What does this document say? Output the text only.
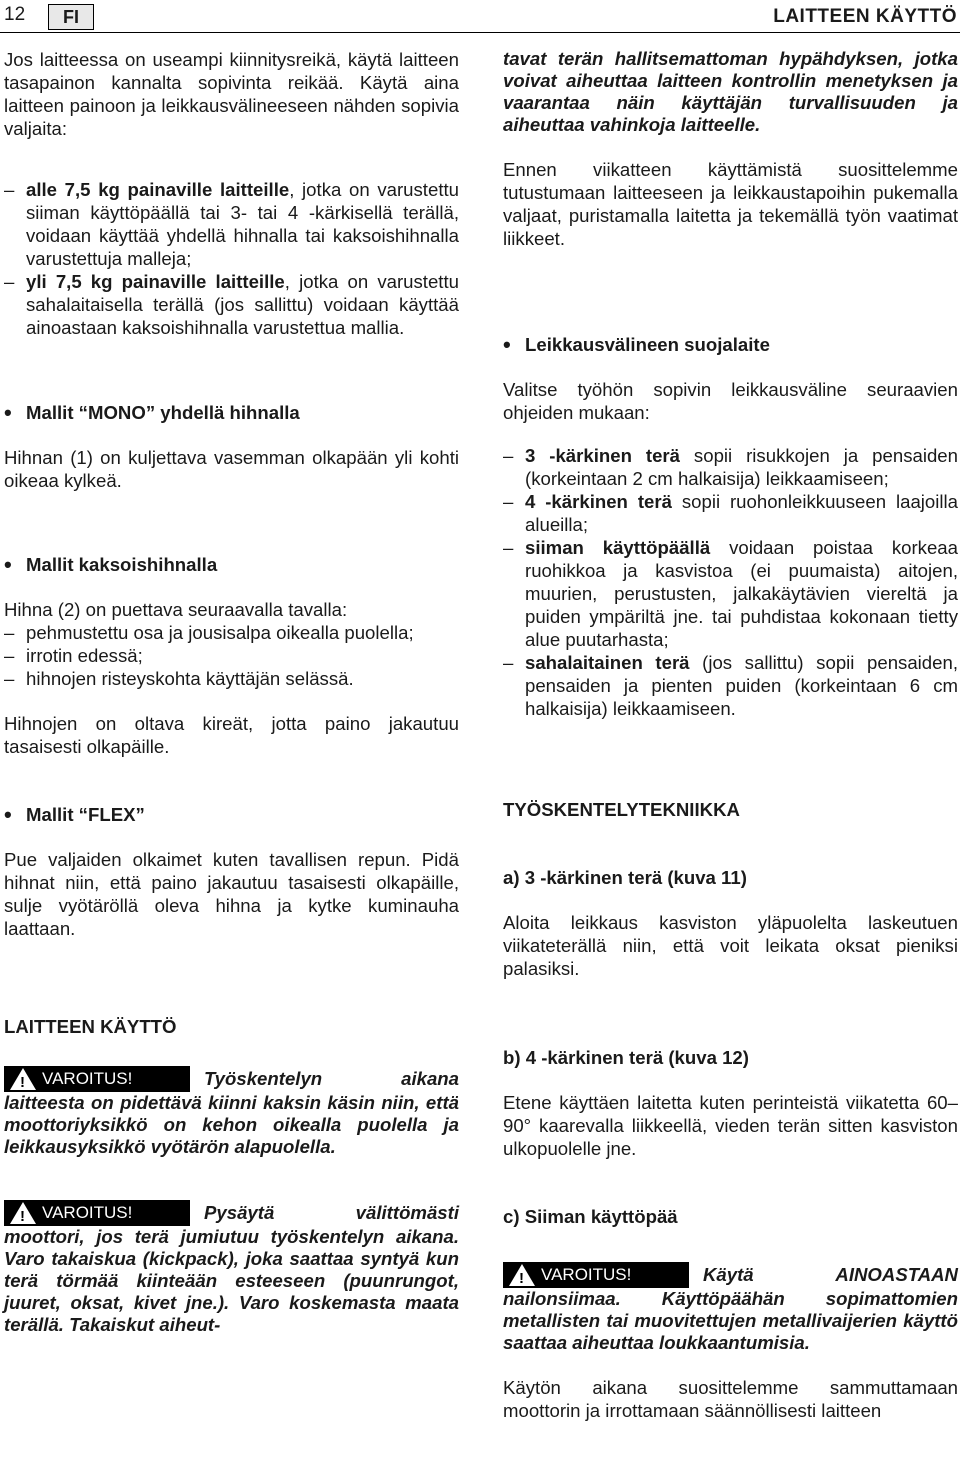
12	FI	LAITTEEN KÄYTTÖ

Jos laitteessa on useampi kiinnitysreikä, käytä laitteen tasapainon kannalta sopivinta reikää. Käytä aina laitteen painoon ja leikkausvälineeseen nähden sopivia valjaita:

– alle 7,5 kg painaville laitteille, jotka on varustettu siiman käyttöpäällä tai 3- tai 4 -kärkisellä terällä, voidaan käyttää yhdellä hihnalla tai kaksoishihnalla varustettuja malleja;
– yli 7,5 kg painaville laitteille, jotka on varustettu sahalaitaisella terällä (jos sallittu) voidaan käyttää ainoastaan kaksoishihnalla varustettua mallia.

• Mallit “MONO” yhdellä hihnalla

Hihnan (1) on kuljettava vasemman olkapään yli kohti oikeaa kylkeä.

• Mallit kaksoishihnalla

Hihna (2) on puettava seuraavalla tavalla:

– pehmustettu osa ja jousisalpa oikealla puolella;
– irrotin edessä;
– hihnojen risteyskohta käyttäjän selässä.

Hihnojen on oltava kireät, jotta paino jakautuu tasaisesti olkapäille.

• Mallit “FLEX”

Pue valjaiden olkaimet kuten tavallisen repun. Pidä hihnat niin, että paino jakautuu tasaisesti olkapäille, sulje vyötäröllä oleva hihna ja kytke kuminauha laattaan.

LAITTEEN KÄYTTÖ

! VAROITUS!	Työskentelyn aikana laitteesta on pidettävä kiinni kaksin käsin niin, että moottoriyksikkö on kehon oikealla puolella ja leikkausyksikkö vyötärön alapuolella.
! VAROITUS!	Pysäytä välittömästi moottori, jos terä jumiutuu työskentelyn aikana. Varo takaiskua (kickpack), joka saattaa syntyä kun terä törmää kiinteään esteeseen (puunrungot, juuret, oksat, kivet jne.). Varo koskemasta maata terällä. Takaiskut aiheut-

tavat terän hallitsemattoman hypähdyksen, jotka voivat aiheuttaa laitteen kontrollin menetyksen ja vaarantaa näin käyttäjän turvallisuuden ja aiheuttaa vahinkoja laitteelle.

Ennen viikatteen käyttämistä suosittelemme tutustumaan laitteeseen ja leikkaustapoihin pukemalla valjaat, puristamalla laitetta ja tekemällä työn vaatimat liikkeet.

• Leikkausvälineen suojalaite

Valitse työhön sopivin leikkausväline seuraavien ohjeiden mukaan:

– 3 -kärkinen terä sopii risukkojen ja pensaiden (korkeintaan 2 cm halkaisija) leikkaamiseen;
– 4 -kärkinen terä sopii ruohonleikkuuseen laajoilla alueilla;
– siiman käyttöpäällä voidaan poistaa korkeaa ruohikkoa ja kasvistoa (ei puumaista) aitojen, muurien, perustusten, jalkakäytävien viereltä ja puiden ympäriltä jne. tai puhdistaa kokonaan tietty alue puutarhasta;
– sahalaitainen terä (jos sallittu) sopii pensaiden, pensaiden ja pienten puiden (korkeintaan 6 cm halkaisija) leikkaamiseen.

TYÖSKENTELYTEKNIIKKA

a) 3 -kärkinen terä (kuva 11)

Aloita leikkaus kasviston yläpuolelta laskeutuen viikateterällä niin, että voit leikata oksat pieniksi palasiksi.

b) 4 -kärkinen terä (kuva 12)

Etene käyttäen laitetta kuten perinteistä viikatetta 60–90° kaarevalla liikkeellä, vieden terän sitten kasviston ulkopuolelle jne.

c) Siiman käyttöpää

! VAROITUS!	Käytä AINOASTAAN nailonsiimaa. Käyttöpäähän sopimattomien metallisten tai muovitettujen metallivaijerien käyttö saattaa aiheuttaa loukkaantumisia.

Käytön aikana suosittelemme sammuttamaan moottorin ja irrottamaan säännöllisesti laitteen
